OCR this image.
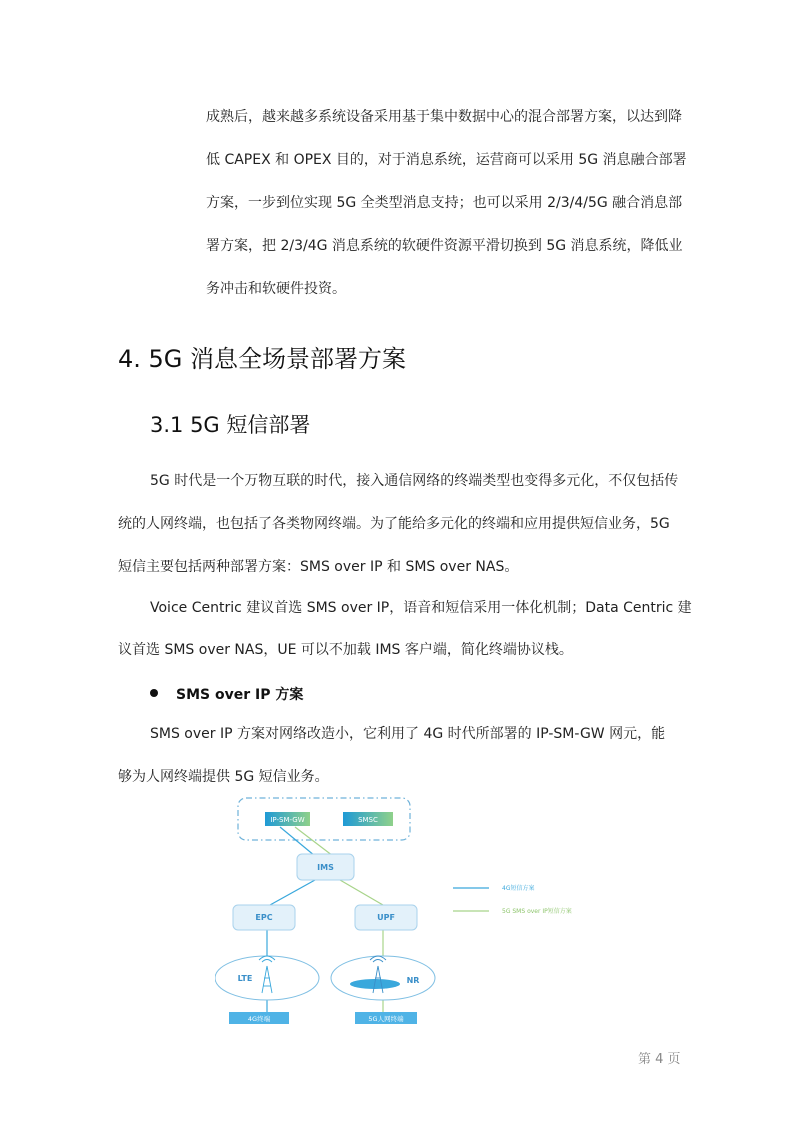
成熟后，越来越多系统设备采用基于集中数据中心的混合部署方案，以达到降
低 CAPEX 和 OPEX 目的，对于消息系统，运营商可以采用 5G 消息融合部署
方案，一步到位实现 5G 全类型消息支持；也可以采用 2/3/4/5G 融合消息部
署方案，把 2/3/4G 消息系统的软硬件资源平滑切换到 5G 消息系统，降低业
务冲击和软硬件投资。
4. 5G 消息全场景部署方案
3.1 5G 短信部署
5G 时代是一个万物互联的时代，接入通信网络的终端类型也变得多元化，不仅包括传
统的人网终端，也包括了各类物网终端。为了能给多元化的终端和应用提供短信业务，5G
短信主要包括两种部署方案：SMS over IP 和 SMS over NAS。
Voice Centric 建议首选 SMS over IP，语音和短信采用一体化机制；Data Centric 建
议首选 SMS over NAS，UE 可以不加载 IMS 客户端，简化终端协议栈。
SMS over IP 方案
SMS over IP 方案对网络改造小，它利用了 4G 时代所部署的 IP-SM-GW 网元，能
够为人网终端提供 5G 短信业务。
IP-SM-GW	SMSC
IMS
EPC	UPF
LTE	NR
4G终端	5G人网终端
4G短信方案
5G SMS over IP短信方案
第 4 页
